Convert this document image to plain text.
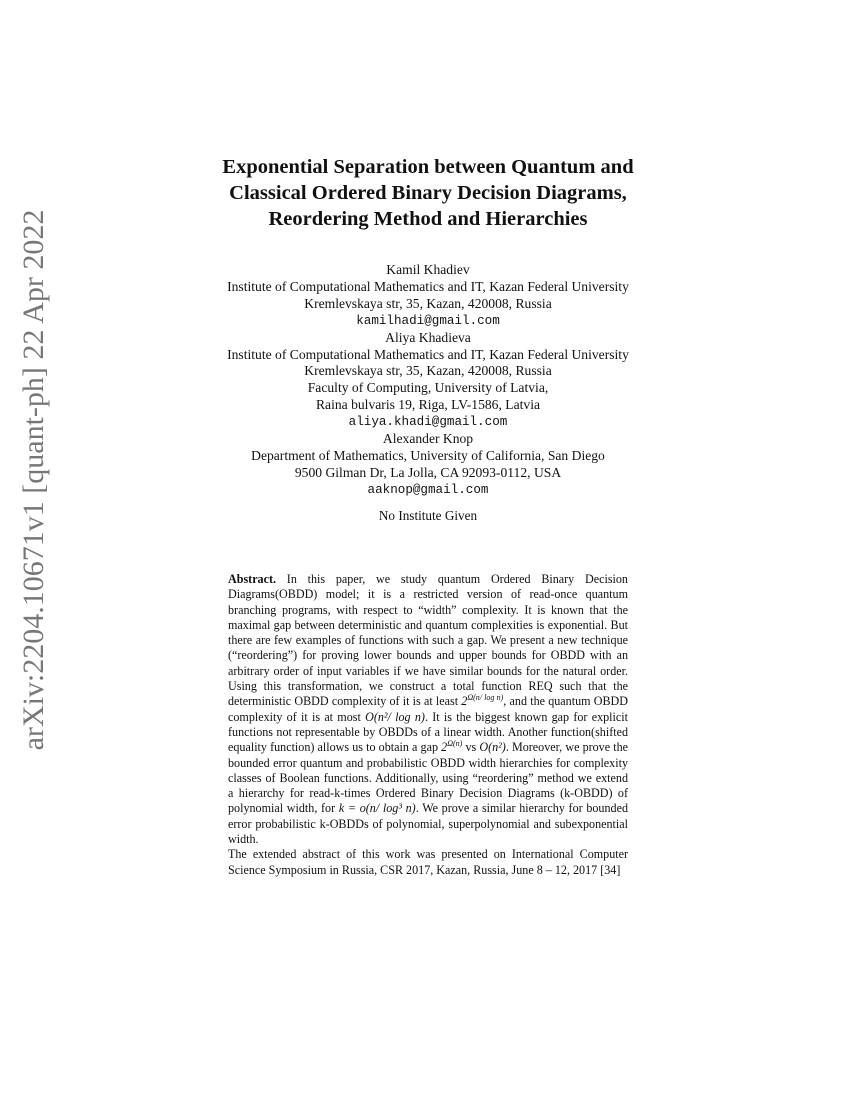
arXiv:2204.10671v1 [quant-ph] 22 Apr 2022
Exponential Separation between Quantum and
Classical Ordered Binary Decision Diagrams,
Reordering Method and Hierarchies
Kamil Khadiev
Institute of Computational Mathematics and IT, Kazan Federal University
Kremlevskaya str, 35, Kazan, 420008, Russia
kamilhadi@gmail.com
Aliya Khadieva
Institute of Computational Mathematics and IT, Kazan Federal University
Kremlevskaya str, 35, Kazan, 420008, Russia
Faculty of Computing, University of Latvia,
Raina bulvaris 19, Riga, LV-1586, Latvia
aliya.khadi@gmail.com
Alexander Knop
Department of Mathematics, University of California, San Diego
9500 Gilman Dr, La Jolla, CA 92093-0112, USA
aaknop@gmail.com
No Institute Given

Abstract. In this paper, we study quantum Ordered Binary Decision Diagrams(OBDD) model; it is a restricted version of read-once quantum branching programs, with respect to “width” complexity. It is known that the maximal gap between deterministic and quantum complexities is exponential. But there are few examples of functions with such a gap. We present a new technique (“reordering”) for proving lower bounds and upper bounds for OBDD with an arbitrary order of input variables if we have similar bounds for the natural order. Using this transformation, we construct a total function REQ such that the deterministic OBDD complexity of it is at least $2^{\Omega(n/ log n)}$, and the quantum OBDD complexity of it is at most O(n²/ log n). It is the biggest known gap for explicit functions not representable by OBDDs of a linear width. Another function(shifted equality function) allows us to obtain a gap $2^{\Omega(n)}$ vs O(n²). Moreover, we prove the bounded error quantum and probabilistic OBDD width hierarchies for complexity classes of Boolean functions. Additionally, using “reordering” method we extend a hierarchy for read-k-times Ordered Binary Decision Diagrams (k-OBDD) of polynomial width, for k = o(n/ log³ n). We prove a similar hierarchy for bounded error probabilistic k-OBDDs of polynomial, superpolynomial and subexponential width.

The extended abstract of this work was presented on International Computer Science Symposium in Russia, CSR 2017, Kazan, Russia, June 8 – 12, 2017 [34]
